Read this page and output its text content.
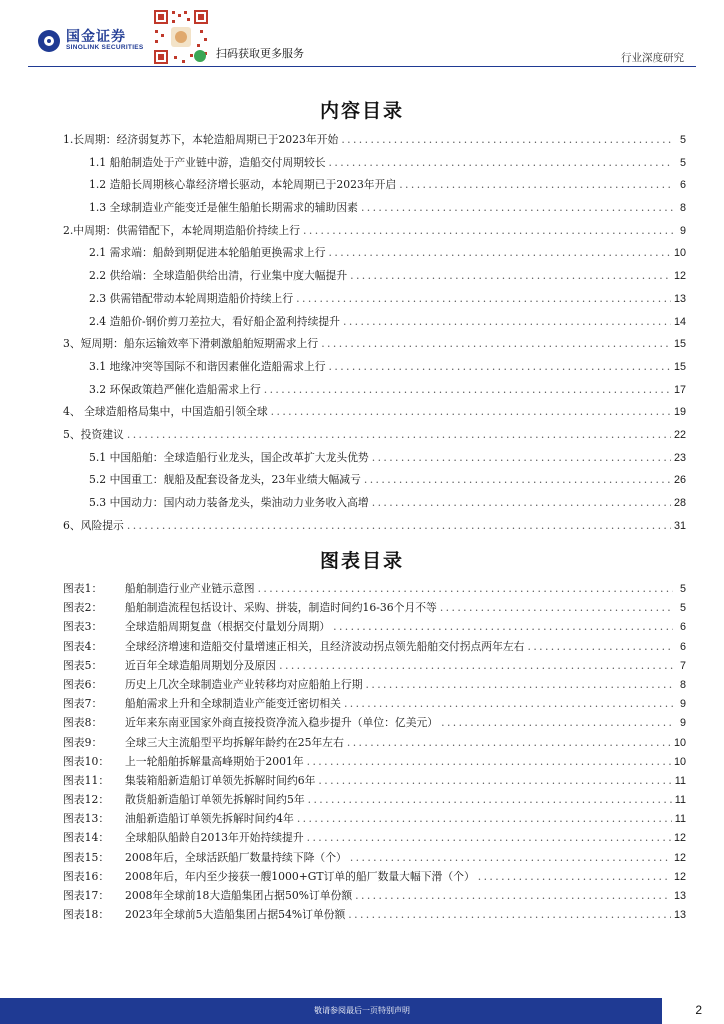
国金证券
SINOLINK SECURITIES	扫码获取更多服务	行业深度研究
内容目录
1.长周期：经济弱复苏下，本轮造船周期已于2023年开始 .....	5
1.1 船舶制造处于产业链中游，造船交付周期较长 .....	5
1.2 造船长周期核心靠经济增长驱动，本轮周期已于2023年开启 .....	6
1.3 全球制造业产能变迁是催生船舶长期需求的辅助因素 .....	8
2.中周期：供需错配下，本轮周期造船价持续上行 .....	9
2.1 需求端：船龄到期促进本轮船舶更换需求上行 .....	10
2.2 供给端：全球造船供给出清，行业集中度大幅提升 .....	12
2.3 供需错配带动本轮周期造船价持续上行 .....	13
2.4 造船价-钢价剪刀差拉大，看好船企盈利持续提升 .....	14
3、短周期：船东运输效率下滑刺激船舶短期需求上行 .....	15
3.1 地缘冲突等国际不和谐因素催化造船需求上行 .....	15
3.2 环保政策趋严催化造船需求上行 .....	17
4、 全球造船格局集中，中国造船引领全球 .....	19
5、投资建议 .....	22
5.1 中国船舶：全球造船行业龙头，国企改革扩大龙头优势 .....	23
5.2 中国重工：舰船及配套设备龙头，23年业绩大幅减亏 .....	26
5.3 中国动力：国内动力装备龙头，柴油动力业务收入高增 .....	28
6、风险提示 .....	31
图表目录
图表1：	船舶制造行业产业链示意图 .....	5
图表2：	船舶制造流程包括设计、采购、拼装，制造时间约16-36个月不等 .....	5
图表3：	全球造船周期复盘（根据交付量划分周期） .....	6
图表4：	全球经济增速和造船交付量增速正相关，且经济波动拐点领先船舶交付拐点两年左右 .....	6
图表5：	近百年全球造船周期划分及原因 .....	7
图表6：	历史上几次全球制造业产业转移均对应船舶上行期 .....	8
图表7：	船舶需求上升和全球制造业产能变迁密切相关 .....	9
图表8：	近年来东南亚国家外商直接投资净流入稳步提升（单位：亿美元） .....	9
图表9：	全球三大主流船型平均拆解年龄约在25年左右 .....	10
图表10：	上一轮船舶拆解量高峰期始于2001年 .....	10
图表11：	集装箱船新造船订单领先拆解时间约6年 .....	11
图表12：	散货船新造船订单领先拆解时间约5年 .....	11
图表13：	油船新造船订单领先拆解时间约4年 .....	11
图表14：	全球船队船龄自2013年开始持续提升 .....	12
图表15：	2008年后，全球活跃船厂数量持续下降（个） .....	12
图表16：	2008年后，年内至少接获一艘1000+GT订单的船厂数量大幅下滑（个） .....	12
图表17：	2008年全球前18大造船集团占据50%订单份额 .....	13
图表18：	2023年全球前5大造船集团占据54%订单份额 .....	13
敬请参阅最后一页特别声明	2
